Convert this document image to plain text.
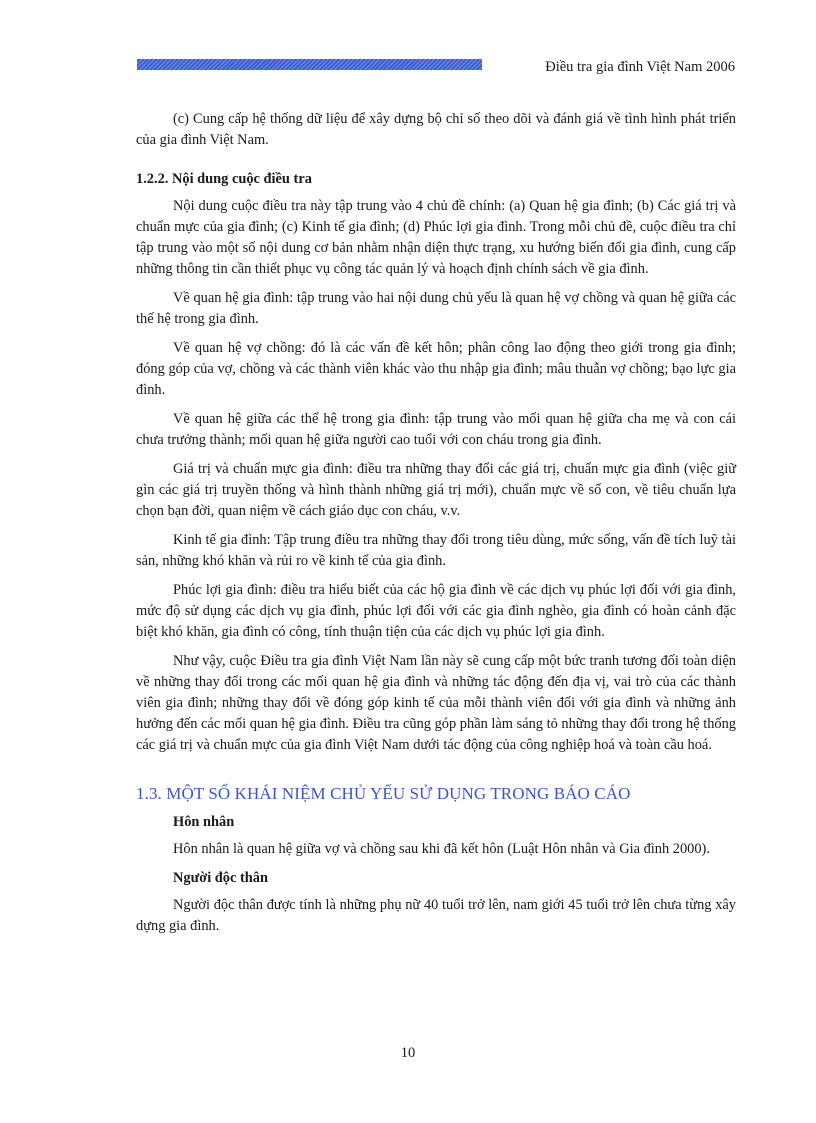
Điều tra gia đình Việt Nam 2006

(c) Cung cấp hệ thống dữ liệu để xây dựng bộ chỉ số theo dõi và đánh giá về tình hình phát triển của gia đình Việt Nam.

1.2.2. Nội dung cuộc điều tra

Nội dung cuộc điều tra này tập trung vào 4 chủ đề chính: (a) Quan hệ gia đình; (b) Các giá trị và chuẩn mực của gia đình; (c) Kinh tế gia đình; (d) Phúc lợi gia đình. Trong mỗi chủ đề, cuộc điều tra chỉ tập trung vào một số nội dung cơ bản nhằm nhận diện thực trạng, xu hướng biến đổi gia đình, cung cấp những thông tin cần thiết phục vụ công tác quản lý và hoạch định chính sách về gia đình.

Về quan hệ gia đình: tập trung vào hai nội dung chủ yếu là quan hệ vợ chồng và quan hệ giữa các thế hệ trong gia đình.

Về quan hệ vợ chồng: đó là các vấn đề kết hôn; phân công lao động theo giới trong gia đình; đóng góp của vợ, chồng và các thành viên khác vào thu nhập gia đình; mâu thuẫn vợ chồng; bạo lực gia đình.

Về quan hệ giữa các thế hệ trong gia đình: tập trung vào mối quan hệ giữa cha mẹ và con cái chưa trưởng thành; mối quan hệ giữa người cao tuổi với con cháu trong gia đình.

Giá trị và chuẩn mực gia đình: điều tra những thay đổi các giá trị, chuẩn mực gia đình (việc giữ gìn các giá trị truyền thống và hình thành những giá trị mới), chuẩn mực về số con, về tiêu chuẩn lựa chọn bạn đời, quan niệm về cách giáo dục con cháu, v.v.

Kinh tế gia đình: Tập trung điều tra những thay đổi trong tiêu dùng, mức sống, vấn đề tích luỹ tài sản, những khó khăn và rủi ro về kinh tế của gia đình.

Phúc lợi gia đình: điều tra hiểu biết của các hộ gia đình về các dịch vụ phúc lợi đối với gia đình, mức độ sử dụng các dịch vụ gia đình, phúc lợi đối với các gia đình nghèo, gia đình có hoàn cảnh đặc biệt khó khăn, gia đình có công, tính thuận tiện của các dịch vụ phúc lợi gia đình.

Như vậy, cuộc Điều tra gia đình Việt Nam lần này sẽ cung cấp một bức tranh tương đối toàn diện về những thay đổi trong các mối quan hệ gia đình và những tác động đến địa vị, vai trò của các thành viên gia đình; những thay đổi về đóng góp kinh tế của mỗi thành viên đối với gia đình và những ảnh hưởng đến các mối quan hệ gia đình. Điều tra cũng góp phần làm sáng tỏ những thay đổi trong hệ thống các giá trị và chuẩn mực của gia đình Việt Nam dưới tác động của công nghiệp hoá và toàn cầu hoá.

1.3. MỘT SỐ KHÁI NIỆM CHỦ YẾU SỬ DỤNG TRONG BÁO CÁO
Hôn nhân

Hôn nhân là quan hệ giữa vợ và chồng sau khi đã kết hôn (Luật Hôn nhân và Gia đình 2000).

Người độc thân

Người độc thân được tính là những phụ nữ 40 tuổi trở lên, nam giới 45 tuổi trở lên chưa từng xây dựng gia đình.

10
